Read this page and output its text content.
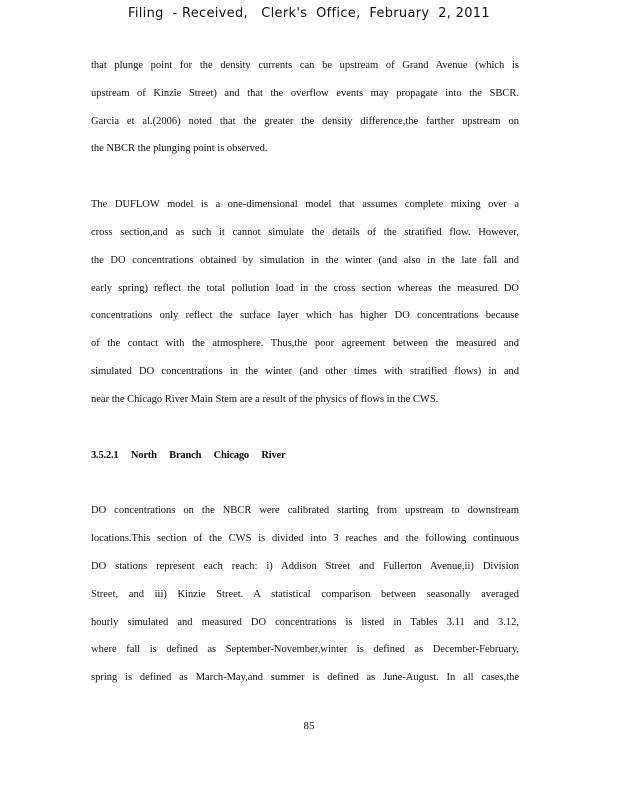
Filing  - Received,   Clerk's  Office,  February  2, 2011
that plunge point for the density currents can be upstream of Grand Avenue (which is
upstream of Kinzie Street) and that the overflow events may propagate into the SBCR.
Garcia et al.(2006) noted that the greater the density difference,the farther upstream on
the NBCR the plunging point is observed.
The DUFLOW model is a one-dimensional model that assumes complete mixing over a
cross section,and as such it cannot simulate the details of the stratified flow. However,
the DO concentrations obtained by simulation in the winter (and also in the late fall and
early spring) reflect the total pollution load in the cross section whereas the measured DO
concentrations only reflect the surface layer which has higher DO concentrations because
of the contact with the atmosphere. Thus,the poor agreement between the measured and
simulated DO concentrations in the winter (and other times with stratified flows) in and
near the Chicago River Main Stem are a result of the physics of flows in the CWS.
3.5.2.1 North Branch Chicago River
DO concentrations on the NBCR were calibrated starting from upstream to downstream
locations.This section of the CWS is divided into 3 reaches and the following continuous
DO stations represent each reach: i) Addison Street and Fullerton Avenue,ii) Division
Street, and iii) Kinzie Street. A statistical comparison between seasonally averaged
hourly simulated and measured DO concentrations is listed in Tables 3.11 and 3.12,
where fall is defined as September-November,winter is defined as December-February,
spring is defined as March-May,and summer is defined as June-August. In all cases,the
85
